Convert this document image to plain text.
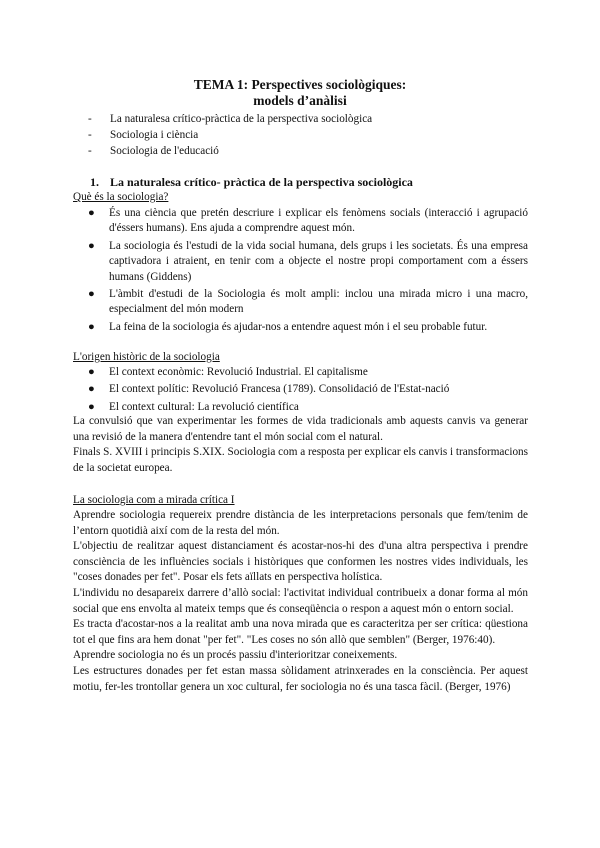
TEMA 1: Perspectives sociològiques:
models d’anàlisi
- La naturalesa crítico-pràctica de la perspectiva sociològica
- Sociologia i ciència
- Sociologia de l'educació
1. La naturalesa crítico- pràctica de la perspectiva sociològica
Què és la sociologia?
● És una ciència que pretén descriure i explicar els fenòmens socials (interacció i agrupació d'éssers humans). Ens ajuda a comprendre aquest món.
● La sociologia és l'estudi de la vida social humana, dels grups i les societats. És una empresa captivadora i atraient, en tenir com a objecte el nostre propi comportament com a éssers humans (Giddens)
● L'àmbit d'estudi de la Sociologia és molt ampli: inclou una mirada micro i una macro, especialment del món modern
● La feina de la sociologia és ajudar-nos a entendre aquest món i el seu probable futur.
L'origen històric de la sociologia
● El context econòmic: Revolució Industrial. El capitalisme
● El context polític: Revolució Francesa (1789). Consolidació de l'Estat-nació
● El context cultural: La revolució científica

La convulsió que van experimentar les formes de vida tradicionals amb aquests canvis va generar una revisió de la manera d'entendre tant el món social com el natural.

Finals S. XVIII i principis S.XIX. Sociologia com a resposta per explicar els canvis i transformacions de la societat europea.

La sociologia com a mirada crítica I

Aprendre sociologia requereix prendre distància de les interpretacions personals que fem/tenim de l’entorn quotidià així com de la resta del món.

L'objectiu de realitzar aquest distanciament és acostar-nos-hi des d'una altra perspectiva i prendre consciència de les influències socials i històriques que conformen les nostres vides individuals, les "coses donades per fet". Posar els fets aïllats en perspectiva holística.

L'individu no desapareix darrere d’allò social: l'activitat individual contribueix a donar forma al món social que ens envolta al mateix temps que és conseqüència o respon a aquest món o entorn social.

Es tracta d'acostar-nos a la realitat amb una nova mirada que es caracteritza per ser crítica: qüestiona tot el que fins ara hem donat "per fet". "Les coses no són allò que semblen" (Berger, 1976:40).

Aprendre sociologia no és un procés passiu d'interioritzar coneixements.

Les estructures donades per fet estan massa sòlidament atrinxerades en la consciència. Per aquest motiu, fer-les trontollar genera un xoc cultural, fer sociologia no és una tasca fàcil. (Berger, 1976)
